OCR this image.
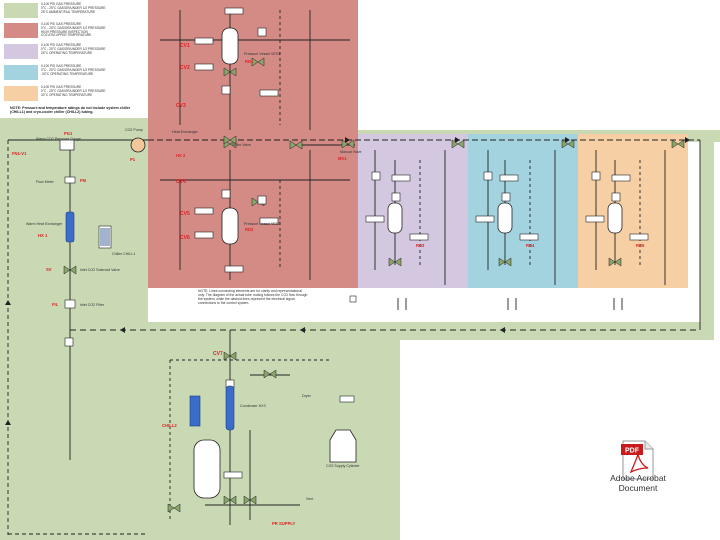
0-100 PSI GAS PRESSURE
0°C - 25°C GAS/OR/UNDER 1/2 PRESSURE
25°C AMBIENT/FAIL TEMPERATURE
0-100 PSI GAS PRESSURE
0°C - 25°C GAS/OR/UNDER 1/2 PRESSURE
HIGH PRESSURE INSPECTION
CO2 ATM UPPER TEMPERATURE
0-100 PSI GAS PRESSURE
0°C - 25°C GAS/OR/UNDER 1/2 PRESSURE
25°C OPERATING TEMPERATURE
0-100 PSI GAS PRESSURE
0°C - 25°C GAS/OR/UNDER 1/2 PRESSURE
-30°C OPERATING TEMPERATURE
0-100 PSI GAS PRESSURE
0°C - 25°C GAS/OR/UNDER 1/2 PRESSURE
30°C OPERATING TEMPERATURE
NOTE: Pressure and temperature ratings do not include system chiller (CHILL1) and cryo-cooler chiller (CHILL2) tubing.
NOTE: Lines connecting elements are for clarity and representational only. The diagram of the actual tube routing follows the CO2 flow through the system, while the dashed lines represent the electrical signal connections to the control system.
CV1
CV2
CV3
CV4
CV5
CV6
CV7
Warm CO2 Pressure Gauge
PG1
FN1-V1
Flow Meter	FM
Warm Heat Exchanger
HX 1
Chiller CHILL1
Inlet CO2 Solenoid Valve
SV
Inlet CO2 Filter
FIL
CO2 Pump
P1
Heat Exchanger
HX 2
Slider Valve
Pressure Vessel VES1
Pressure Vessel VES2
Manual Valve
MV1
RD1
RD2
RD3	RD4	RD5
Condenser HX3
CHILL2
Dryer
CO2 Supply Cylinder
PR SUPPLY
Vent
PDF
Adobe Acrobat
Document
